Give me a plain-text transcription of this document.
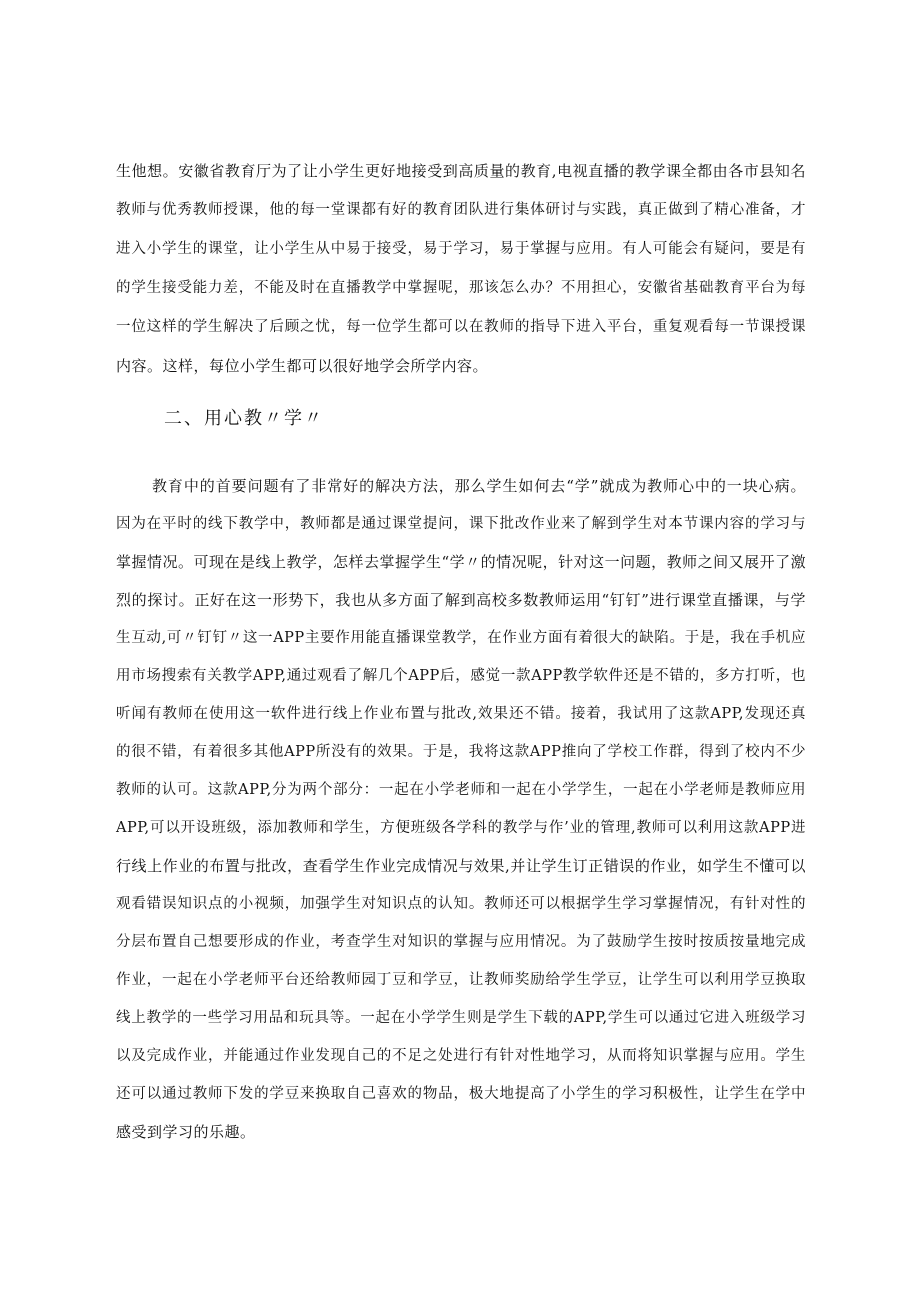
生他想。安徽省教育厅为了让小学生更好地接受到高质量的教育,电视直播的教学课全都由各市县知名

教师与优秀教师授课，他的每一堂课都有好的教育团队进行集体研讨与实践，真正做到了精心准备，才

进入小学生的课堂，让小学生从中易于接受，易于学习，易于掌握与应用。有人可能会有疑问，要是有

的学生接受能力差，不能及时在直播教学中掌握呢，那该怎么办？不用担心，安徽省基础教育平台为每

一位这样的学生解决了后顾之忧，每一位学生都可以在教师的指导下进入平台，重复观看每一节课授课

内容。这样，每位小学生都可以很好地学会所学内容。

二、用心教〃学〃

教育中的首要问题有了非常好的解决方法，那么学生如何去“学”就成为教师心中的一块心病。

因为在平时的线下教学中，教师都是通过课堂提问，课下批改作业来了解到学生对本节课内容的学习与

掌握情况。可现在是线上教学，怎样去掌握学生“学〃的情况呢，针对这一问题，教师之间又展开了激

烈的探讨。正好在这一形势下，我也从多方面了解到高校多数教师运用“钉钉”进行课堂直播课，与学

生互动,可〃钉钉〃这一APP主要作用能直播课堂教学，在作业方面有着很大的缺陷。于是，我在手机应

用市场搜索有关教学APP,通过观看了解几个APP后，感觉一款APP教学软件还是不错的，多方打听，也

听闻有教师在使用这一软件进行线上作业布置与批改,效果还不错。接着，我试用了这款APP,发现还真

的很不错，有着很多其他APP所没有的效果。于是，我将这款APP推向了学校工作群，得到了校内不少

教师的认可。这款APP,分为两个部分：一起在小学老师和一起在小学学生，一起在小学老师是教师应用

APP,可以开设班级，添加教师和学生，方便班级各学科的教学与作’业的管理,教师可以利用这款APP进

行线上作业的布置与批改，查看学生作业完成情况与效果,并让学生订正错误的作业，如学生不懂可以

观看错误知识点的小视频，加强学生对知识点的认知。教师还可以根据学生学习掌握情况，有针对性的

分层布置自己想要形成的作业，考查学生对知识的掌握与应用情况。为了鼓励学生按时按质按量地完成

作业，一起在小学老师平台还给教师园丁豆和学豆，让教师奖励给学生学豆，让学生可以利用学豆换取

线上教学的一些学习用品和玩具等。一起在小学学生则是学生下载的APP,学生可以通过它进入班级学习

以及完成作业，并能通过作业发现自己的不足之处进行有针对性地学习，从而将知识掌握与应用。学生

还可以通过教师下发的学豆来换取自己喜欢的物品，极大地提高了小学生的学习积极性，让学生在学中

感受到学习的乐趣。
